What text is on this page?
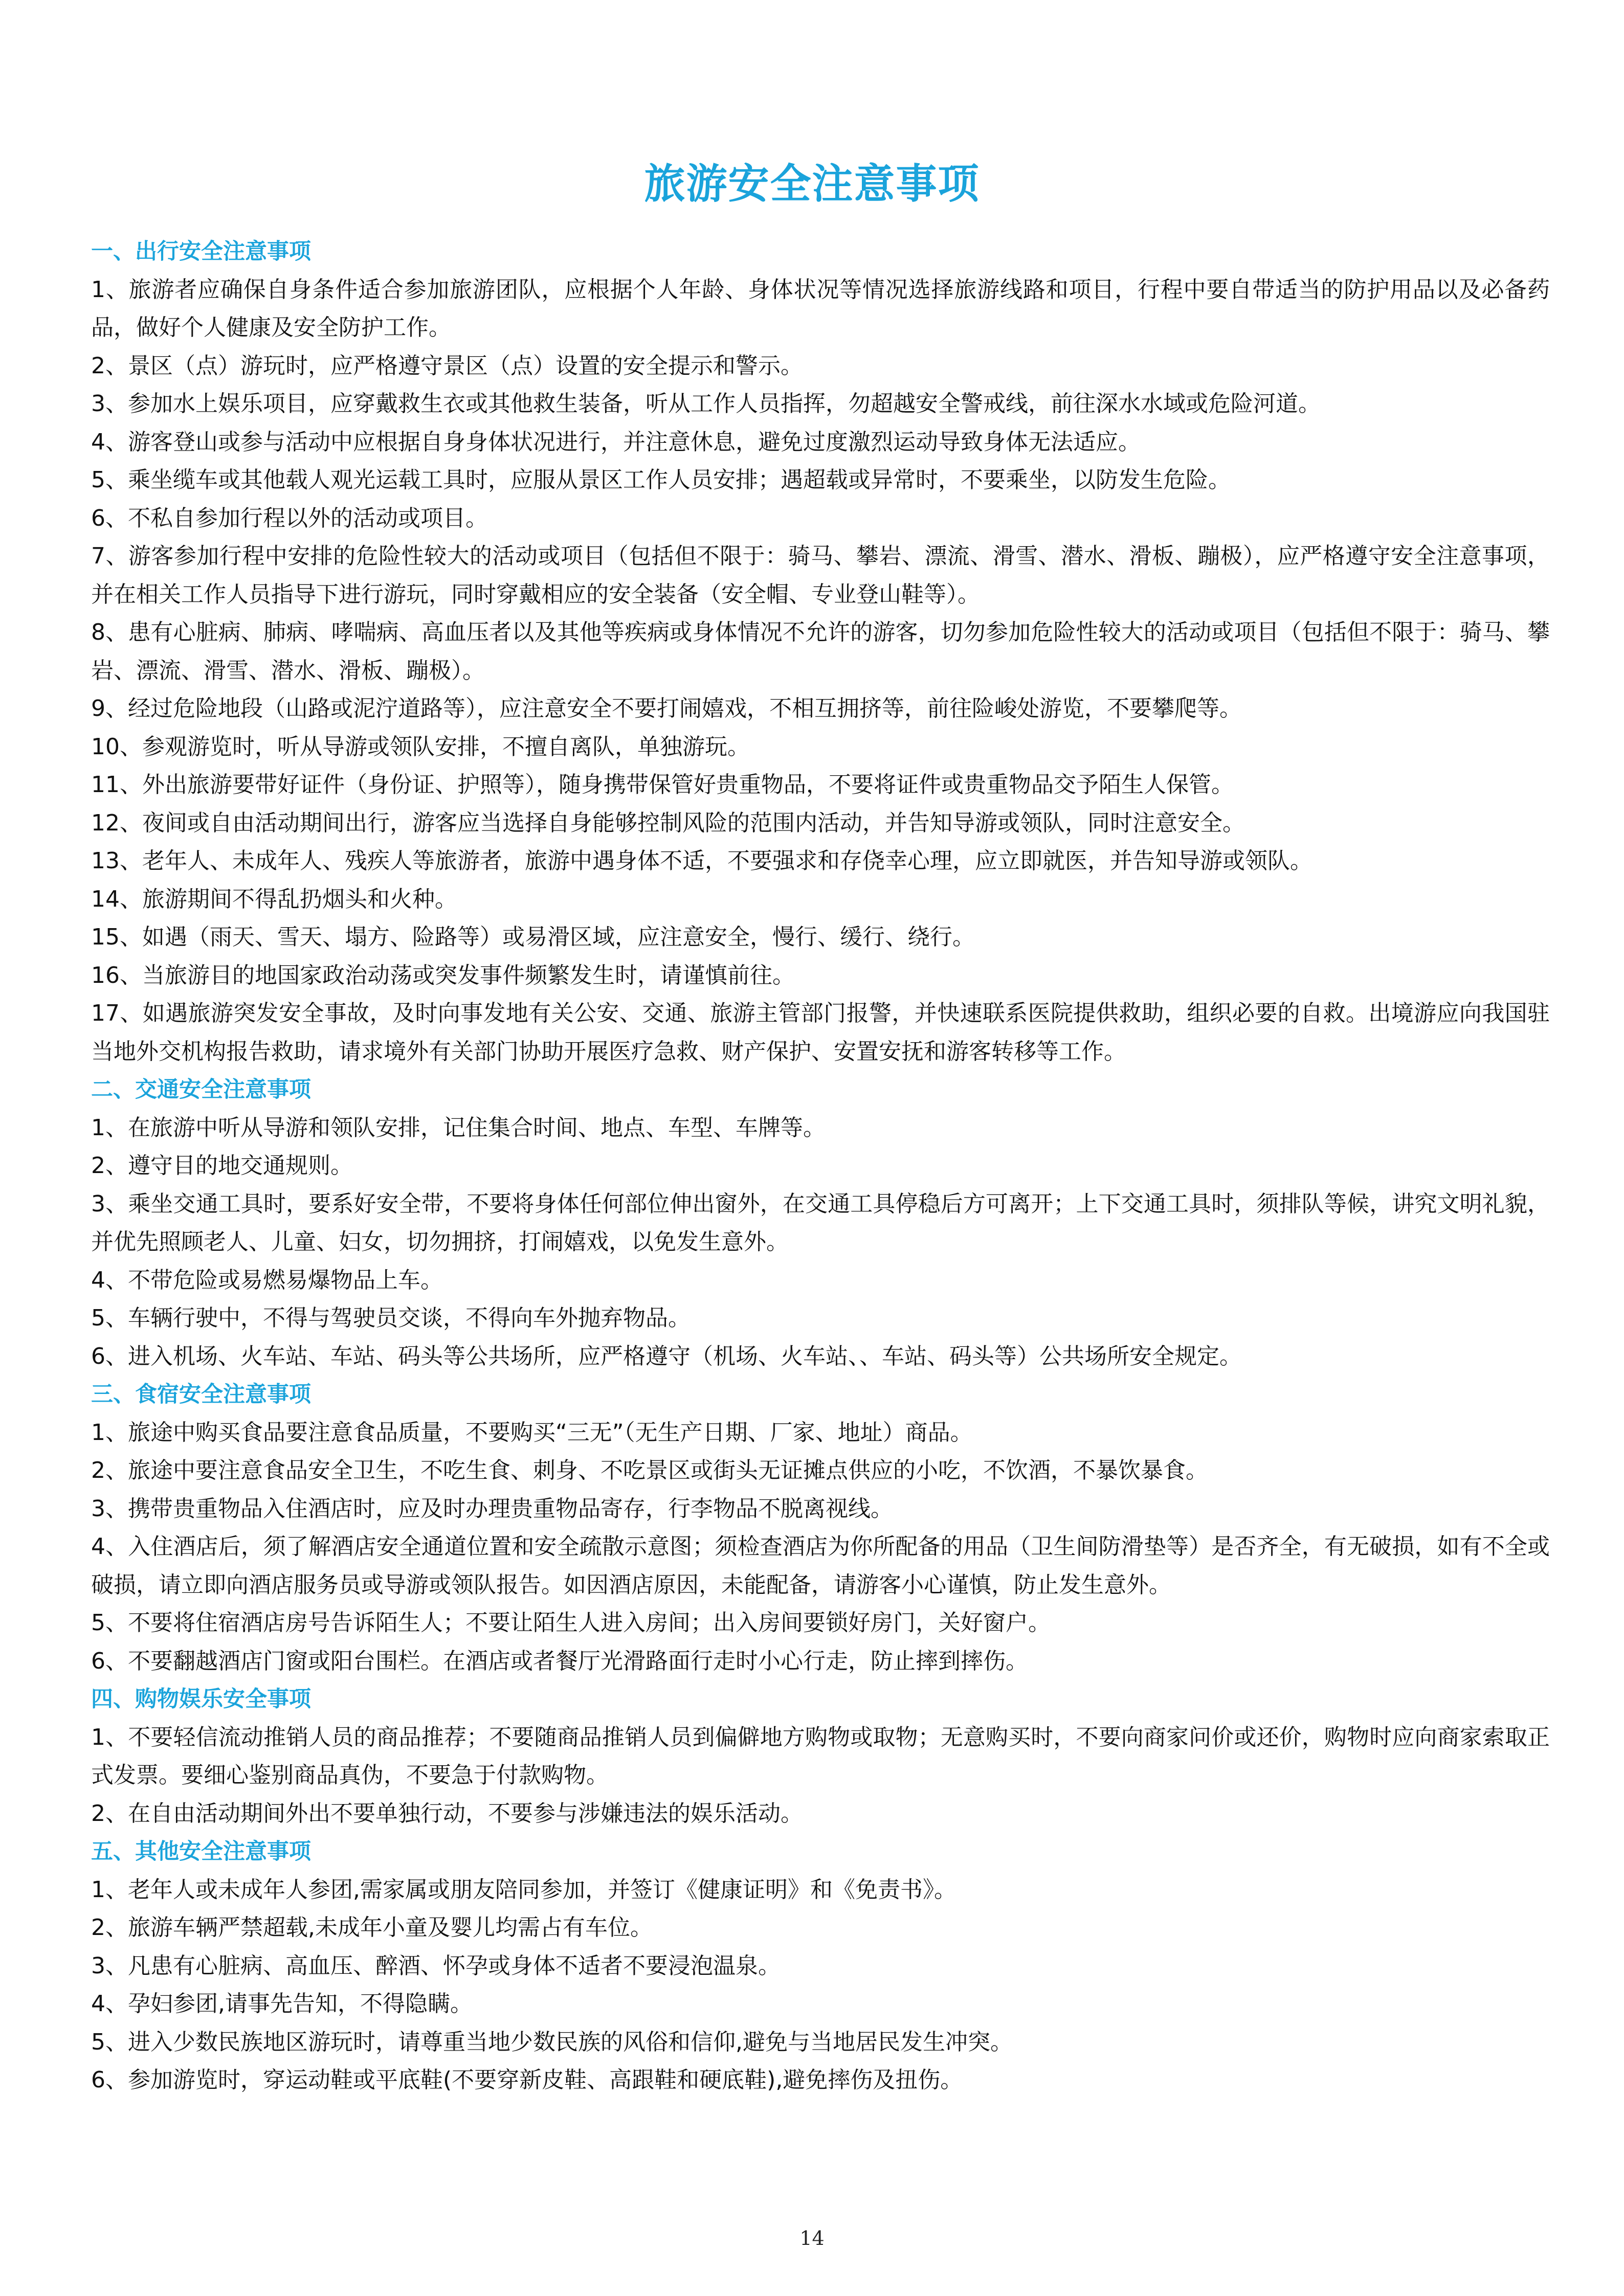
旅游安全注意事项

一、出行安全注意事项

1、旅游者应确保自身条件适合参加旅游团队，应根据个人年龄、身体状况等情况选择旅游线路和项目，行程中要自带适当的防护用品以及必备药品，做好个人健康及安全防护工作。

2、景区（点）游玩时，应严格遵守景区（点）设置的安全提示和警示。

3、参加水上娱乐项目，应穿戴救生衣或其他救生装备，听从工作人员指挥，勿超越安全警戒线，前往深水水域或危险河道。

4、游客登山或参与活动中应根据自身身体状况进行，并注意休息，避免过度激烈运动导致身体无法适应。

5、乘坐缆车或其他载人观光运载工具时，应服从景区工作人员安排；遇超载或异常时，不要乘坐，以防发生危险。

6、不私自参加行程以外的活动或项目。

7、游客参加行程中安排的危险性较大的活动或项目（包括但不限于：骑马、攀岩、漂流、滑雪、潜水、滑板、蹦极），应严格遵守安全注意事项，并在相关工作人员指导下进行游玩，同时穿戴相应的安全装备（安全帽、专业登山鞋等）。

8、患有心脏病、肺病、哮喘病、高血压者以及其他等疾病或身体情况不允许的游客，切勿参加危险性较大的活动或项目（包括但不限于：骑马、攀岩、漂流、滑雪、潜水、滑板、蹦极）。

9、经过危险地段（山路或泥泞道路等），应注意安全不要打闹嬉戏，不相互拥挤等，前往险峻处游览，不要攀爬等。

10、参观游览时，听从导游或领队安排，不擅自离队，单独游玩。

11、外出旅游要带好证件（身份证、护照等），随身携带保管好贵重物品，不要将证件或贵重物品交予陌生人保管。

12、夜间或自由活动期间出行，游客应当选择自身能够控制风险的范围内活动，并告知导游或领队，同时注意安全。

13、老年人、未成年人、残疾人等旅游者，旅游中遇身体不适，不要强求和存侥幸心理，应立即就医，并告知导游或领队。

14、旅游期间不得乱扔烟头和火种。

15、如遇（雨天、雪天、塌方、险路等）或易滑区域，应注意安全，慢行、缓行、绕行。

16、当旅游目的地国家政治动荡或突发事件频繁发生时，请谨慎前往。

17、如遇旅游突发安全事故，及时向事发地有关公安、交通、旅游主管部门报警，并快速联系医院提供救助，组织必要的自救。出境游应向我国驻当地外交机构报告救助，请求境外有关部门协助开展医疗急救、财产保护、安置安抚和游客转移等工作。

二、交通安全注意事项

1、在旅游中听从导游和领队安排，记住集合时间、地点、车型、车牌等。

2、遵守目的地交通规则。

3、乘坐交通工具时，要系好安全带，不要将身体任何部位伸出窗外，在交通工具停稳后方可离开；上下交通工具时，须排队等候，讲究文明礼貌，并优先照顾老人、儿童、妇女，切勿拥挤，打闹嬉戏，以免发生意外。

4、不带危险或易燃易爆物品上车。

5、车辆行驶中，不得与驾驶员交谈，不得向车外抛弃物品。

6、进入机场、火车站、车站、码头等公共场所，应严格遵守（机场、火车站、、车站、码头等）公共场所安全规定。

三、食宿安全注意事项

1、旅途中购买食品要注意食品质量，不要购买“三无”（无生产日期、厂家、地址）商品。

2、旅途中要注意食品安全卫生，不吃生食、刺身、不吃景区或街头无证摊点供应的小吃，不饮酒，不暴饮暴食。

3、携带贵重物品入住酒店时，应及时办理贵重物品寄存，行李物品不脱离视线。

4、入住酒店后，须了解酒店安全通道位置和安全疏散示意图；须检查酒店为你所配备的用品（卫生间防滑垫等）是否齐全，有无破损，如有不全或破损，请立即向酒店服务员或导游或领队报告。如因酒店原因，未能配备，请游客小心谨慎，防止发生意外。

5、不要将住宿酒店房号告诉陌生人；不要让陌生人进入房间；出入房间要锁好房门，关好窗户。

6、不要翻越酒店门窗或阳台围栏。在酒店或者餐厅光滑路面行走时小心行走，防止摔到摔伤。

四、购物娱乐安全事项

1、不要轻信流动推销人员的商品推荐；不要随商品推销人员到偏僻地方购物或取物；无意购买时，不要向商家问价或还价，购物时应向商家索取正式发票。要细心鉴别商品真伪，不要急于付款购物。

2、在自由活动期间外出不要单独行动，不要参与涉嫌违法的娱乐活动。

五、其他安全注意事项

1、老年人或未成年人参团,需家属或朋友陪同参加，并签订《健康证明》和《免责书》。

2、旅游车辆严禁超载,未成年小童及婴儿均需占有车位。

3、凡患有心脏病、高血压、醉酒、怀孕或身体不适者不要浸泡温泉。

4、孕妇参团,请事先告知，不得隐瞒。

5、进入少数民族地区游玩时，请尊重当地少数民族的风俗和信仰,避免与当地居民发生冲突。

6、参加游览时，穿运动鞋或平底鞋(不要穿新皮鞋、高跟鞋和硬底鞋),避免摔伤及扭伤。

14
